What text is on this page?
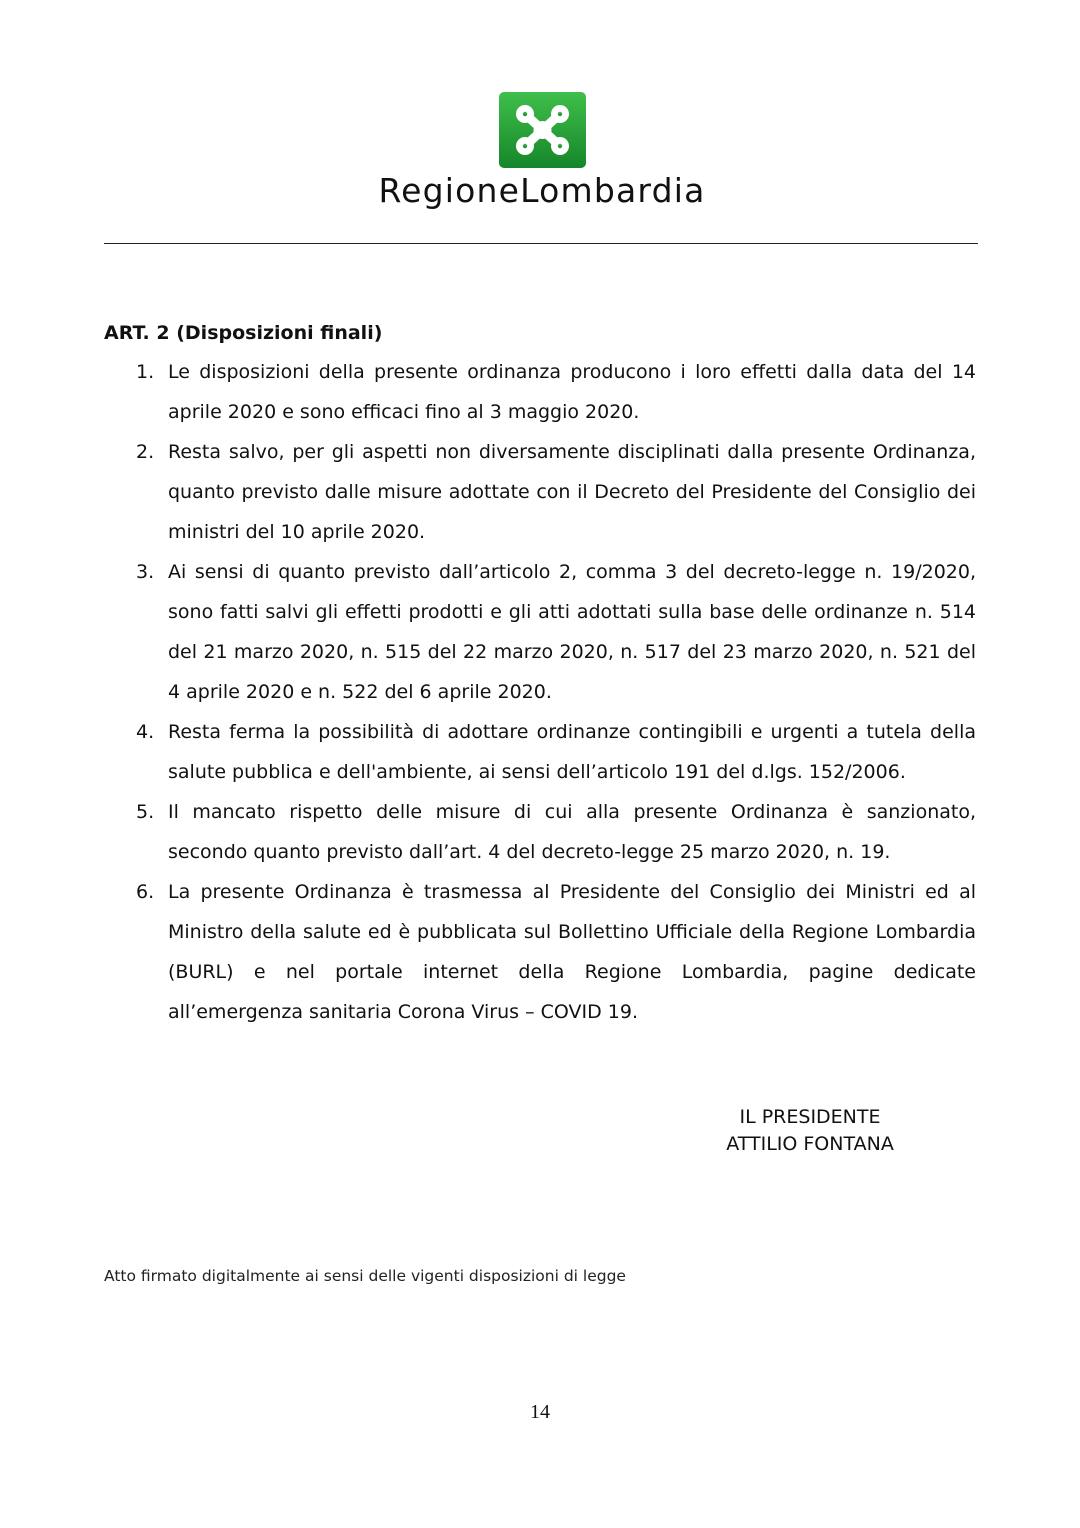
RegioneLombardia
ART. 2 (Disposizioni finali)
1. Le disposizioni della presente ordinanza producono i loro effetti dalla data del 14 aprile 2020 e sono efficaci fino al 3 maggio 2020.
2. Resta salvo, per gli aspetti non diversamente disciplinati dalla presente Ordinanza, quanto previsto dalle misure adottate con il Decreto del Presidente del Consiglio dei ministri del 10 aprile 2020.
3. Ai sensi di quanto previsto dall’articolo 2, comma 3 del decreto-legge n. 19/2020, sono fatti salvi gli effetti prodotti e gli atti adottati sulla base delle ordinanze n. 514 del 21 marzo 2020, n. 515 del 22 marzo 2020, n. 517 del 23 marzo 2020, n. 521 del 4 aprile 2020 e n. 522 del 6 aprile 2020.
4. Resta ferma la possibilità di adottare ordinanze contingibili e urgenti a tutela della salute pubblica e dell'ambiente, ai sensi dell’articolo 191 del d.lgs. 152/2006.
5. Il mancato rispetto delle misure di cui alla presente Ordinanza è sanzionato, secondo quanto previsto dall’art. 4 del decreto-legge 25 marzo 2020, n. 19.
6. La presente Ordinanza è trasmessa al Presidente del Consiglio dei Ministri ed al Ministro della salute ed è pubblicata sul Bollettino Ufficiale della Regione Lombardia (BURL) e nel portale internet della Regione Lombardia, pagine dedicate all’emergenza sanitaria Corona Virus – COVID 19.
IL PRESIDENTE
ATTILIO FONTANA
Atto firmato digitalmente ai sensi delle vigenti disposizioni di legge
14
